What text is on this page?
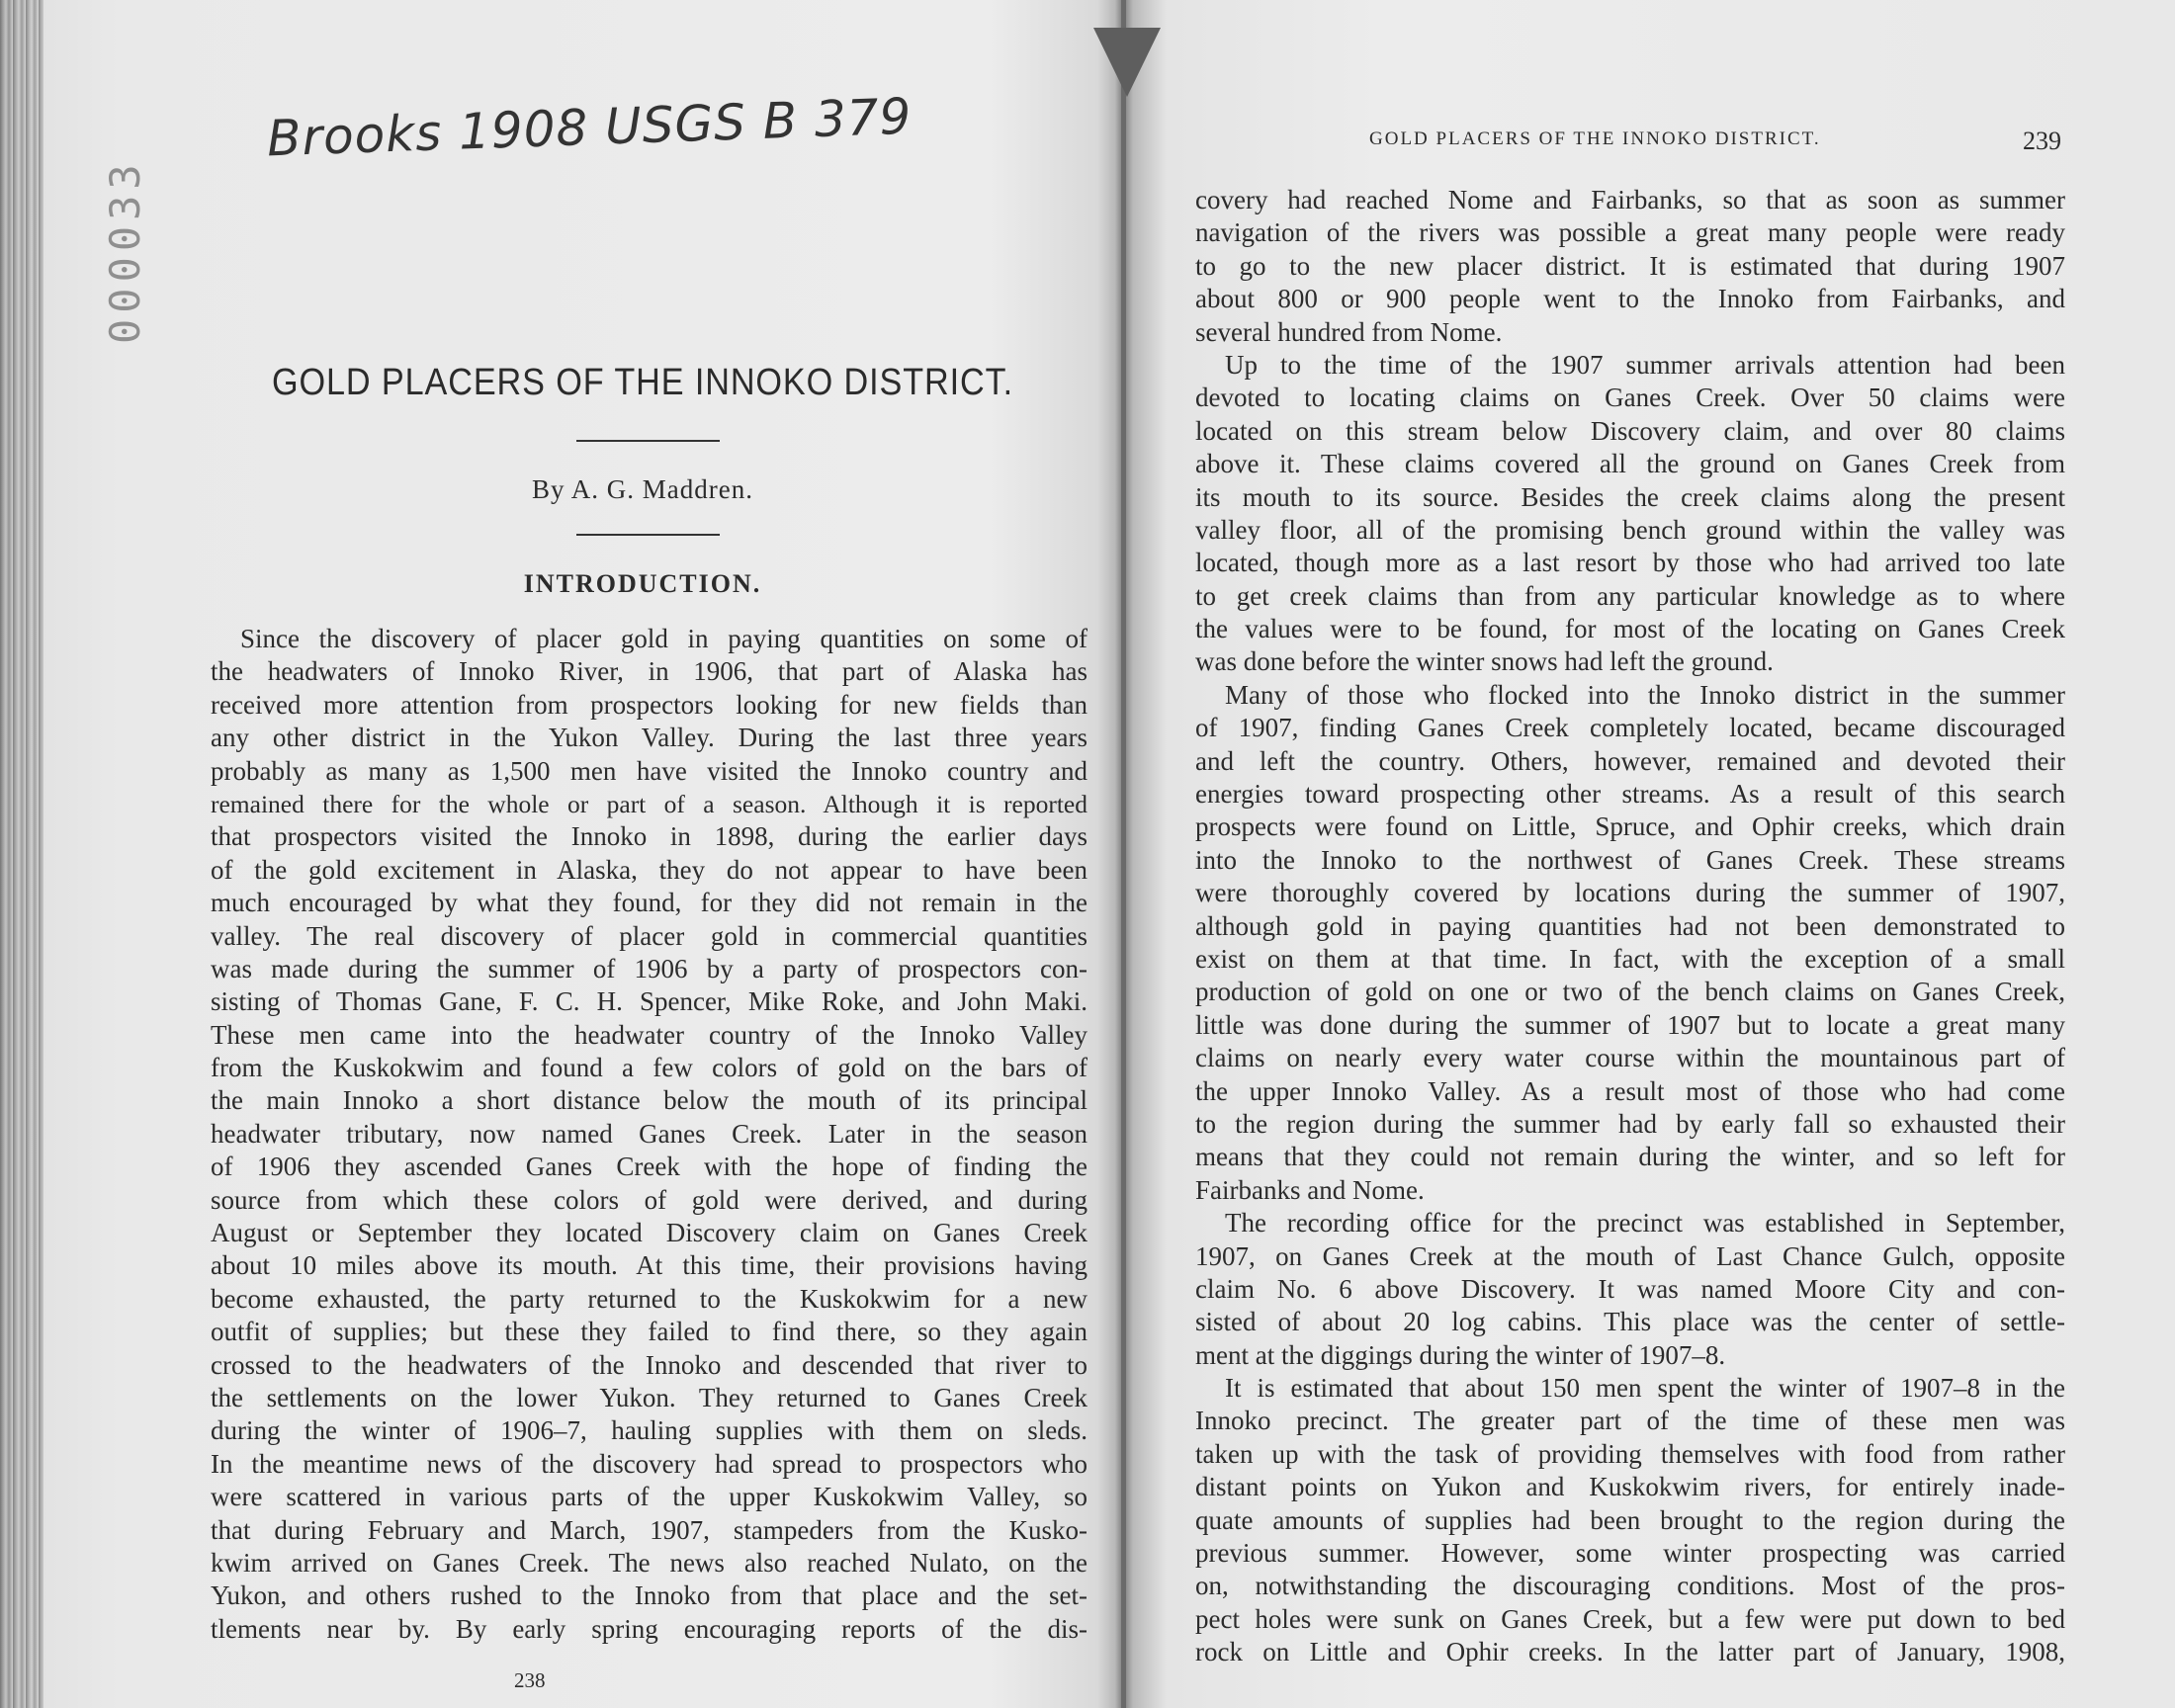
Brooks 1908 USGS B 379
000033
GOLD PLACERS OF THE INNOKO DISTRICT.
By A. G. Maddren.
INTRODUCTION.
Since the discovery of placer gold in paying quantities on some of
the headwaters of Innoko River, in 1906, that part of Alaska has
received more attention from prospectors looking for new fields than
any other district in the Yukon Valley. During the last three years
probably as many as 1,500 men have visited the Innoko country and
remained there for the whole or part of a season. Although it is reported
that prospectors visited the Innoko in 1898, during the earlier days
of the gold excitement in Alaska, they do not appear to have been
much encouraged by what they found, for they did not remain in the
valley. The real discovery of placer gold in commercial quantities
was made during the summer of 1906 by a party of prospectors con-
sisting of Thomas Gane, F. C. H. Spencer, Mike Roke, and John Maki.
These men came into the headwater country of the Innoko Valley
from the Kuskokwim and found a few colors of gold on the bars of
the main Innoko a short distance below the mouth of its principal
headwater tributary, now named Ganes Creek. Later in the season
of 1906 they ascended Ganes Creek with the hope of finding the
source from which these colors of gold were derived, and during
August or September they located Discovery claim on Ganes Creek
about 10 miles above its mouth. At this time, their provisions having
become exhausted, the party returned to the Kuskokwim for a new
outfit of supplies; but these they failed to find there, so they again
crossed to the headwaters of the Innoko and descended that river to
the settlements on the lower Yukon. They returned to Ganes Creek
during the winter of 1906–7, hauling supplies with them on sleds.
In the meantime news of the discovery had spread to prospectors who
were scattered in various parts of the upper Kuskokwim Valley, so
that during February and March, 1907, stampeders from the Kusko-
kwim arrived on Ganes Creek. The news also reached Nulato, on the
Yukon, and others rushed to the Innoko from that place and the set-
tlements near by. By early spring encouraging reports of the dis-
238
covery had reached Nome and Fairbanks, so that as soon as summer
navigation of the rivers was possible a great many people were ready
to go to the new placer district. It is estimated that during 1907
about 800 or 900 people went to the Innoko from Fairbanks, and
several hundred from Nome.
Up to the time of the 1907 summer arrivals attention had been
devoted to locating claims on Ganes Creek. Over 50 claims were
located on this stream below Discovery claim, and over 80 claims
above it. These claims covered all the ground on Ganes Creek from
its mouth to its source. Besides the creek claims along the present
valley floor, all of the promising bench ground within the valley was
located, though more as a last resort by those who had arrived too late
to get creek claims than from any particular knowledge as to where
the values were to be found, for most of the locating on Ganes Creek
was done before the winter snows had left the ground.
Many of those who flocked into the Innoko district in the summer
of 1907, finding Ganes Creek completely located, became discouraged
and left the country. Others, however, remained and devoted their
energies toward prospecting other streams. As a result of this search
prospects were found on Little, Spruce, and Ophir creeks, which drain
into the Innoko to the northwest of Ganes Creek. These streams
were thoroughly covered by locations during the summer of 1907,
although gold in paying quantities had not been demonstrated to
exist on them at that time. In fact, with the exception of a small
production of gold on one or two of the bench claims on Ganes Creek,
little was done during the summer of 1907 but to locate a great many
claims on nearly every water course within the mountainous part of
the upper Innoko Valley. As a result most of those who had come
to the region during the summer had by early fall so exhausted their
means that they could not remain during the winter, and so left for
Fairbanks and Nome.
The recording office for the precinct was established in September,
1907, on Ganes Creek at the mouth of Last Chance Gulch, opposite
claim No. 6 above Discovery. It was named Moore City and con-
sisted of about 20 log cabins. This place was the center of settle-
ment at the diggings during the winter of 1907–8.
It is estimated that about 150 men spent the winter of 1907–8 in the
Innoko precinct. The greater part of the time of these men was
taken up with the task of providing themselves with food from rather
distant points on Yukon and Kuskokwim rivers, for entirely inade-
quate amounts of supplies had been brought to the region during the
previous summer. However, some winter prospecting was carried
on, notwithstanding the discouraging conditions. Most of the pros-
pect holes were sunk on Ganes Creek, but a few were put down to bed
rock on Little and Ophir creeks. In the latter part of January, 1908,
GOLD PLACERS OF THE INNOKO DISTRICT.	239
